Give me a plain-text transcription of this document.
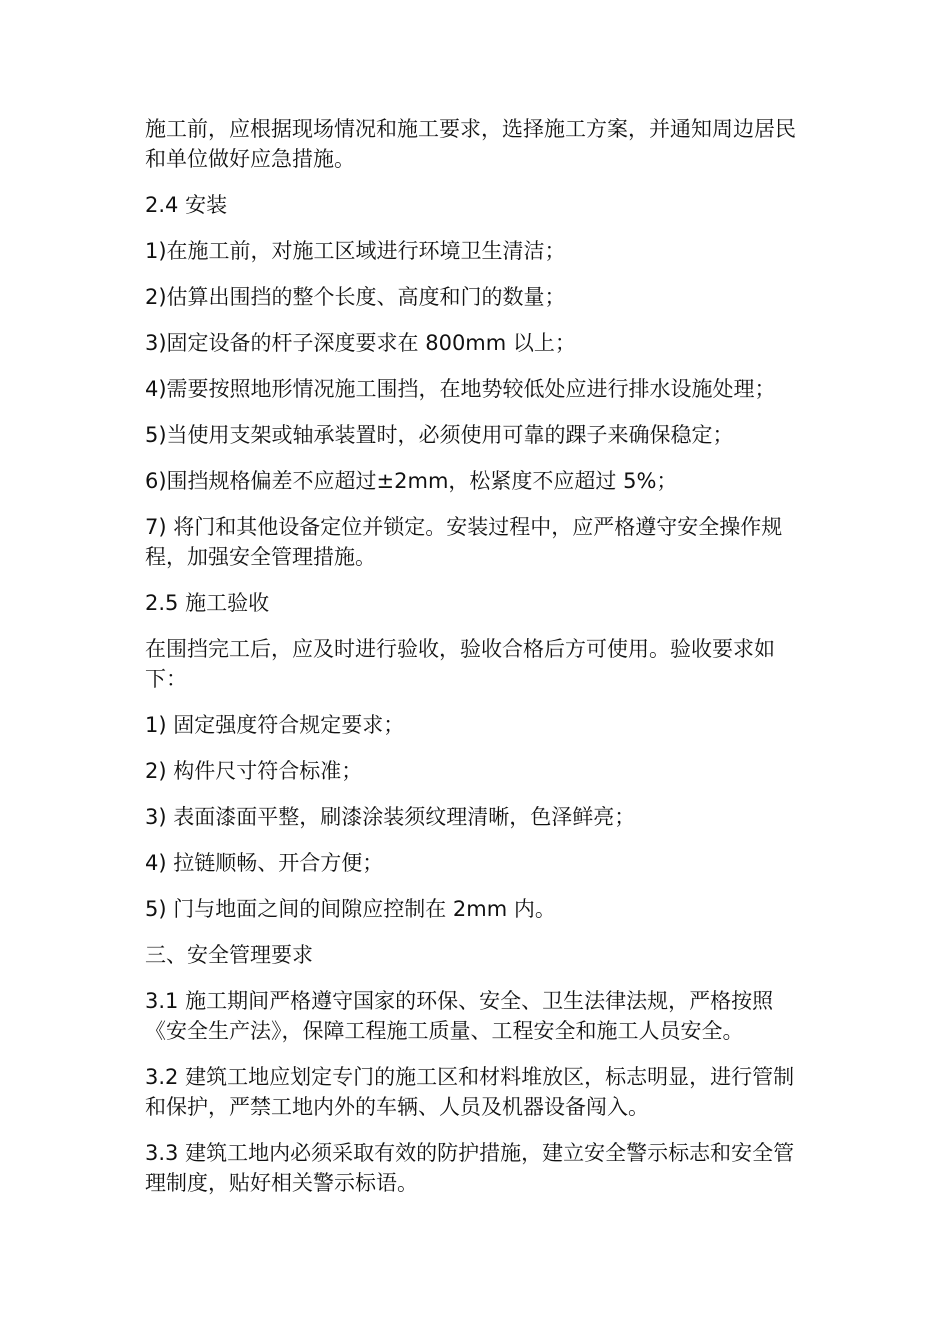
施工前，应根据现场情况和施工要求，选择施工方案，并通知周边居民和单位做好应急措施。

2.4 安装

1)在施工前，对施工区域进行环境卫生清洁；

2)估算出围挡的整个长度、高度和门的数量；

3)固定设备的杆子深度要求在 800mm 以上；

4)需要按照地形情况施工围挡，在地势较低处应进行排水设施处理；

5)当使用支架或轴承装置时，必须使用可靠的踝子来确保稳定；

6)围挡规格偏差不应超过±2mm，松紧度不应超过 5%；

7) 将门和其他设备定位并锁定。安装过程中，应严格遵守安全操作规程，加强安全管理措施。

2.5 施工验收

在围挡完工后，应及时进行验收，验收合格后方可使用。验收要求如下：

1) 固定强度符合规定要求；

2) 构件尺寸符合标准；

3) 表面漆面平整，刷漆涂装须纹理清晰，色泽鲜亮；

4) 拉链顺畅、开合方便；

5) 门与地面之间的间隙应控制在 2mm 内。

三、安全管理要求

3.1 施工期间严格遵守国家的环保、安全、卫生法律法规，严格按照《安全生产法》，保障工程施工质量、工程安全和施工人员安全。

3.2 建筑工地应划定专门的施工区和材料堆放区，标志明显，进行管制和保护，严禁工地内外的车辆、人员及机器设备闯入。

3.3 建筑工地内必须采取有效的防护措施，建立安全警示标志和安全管理制度，贴好相关警示标语。
